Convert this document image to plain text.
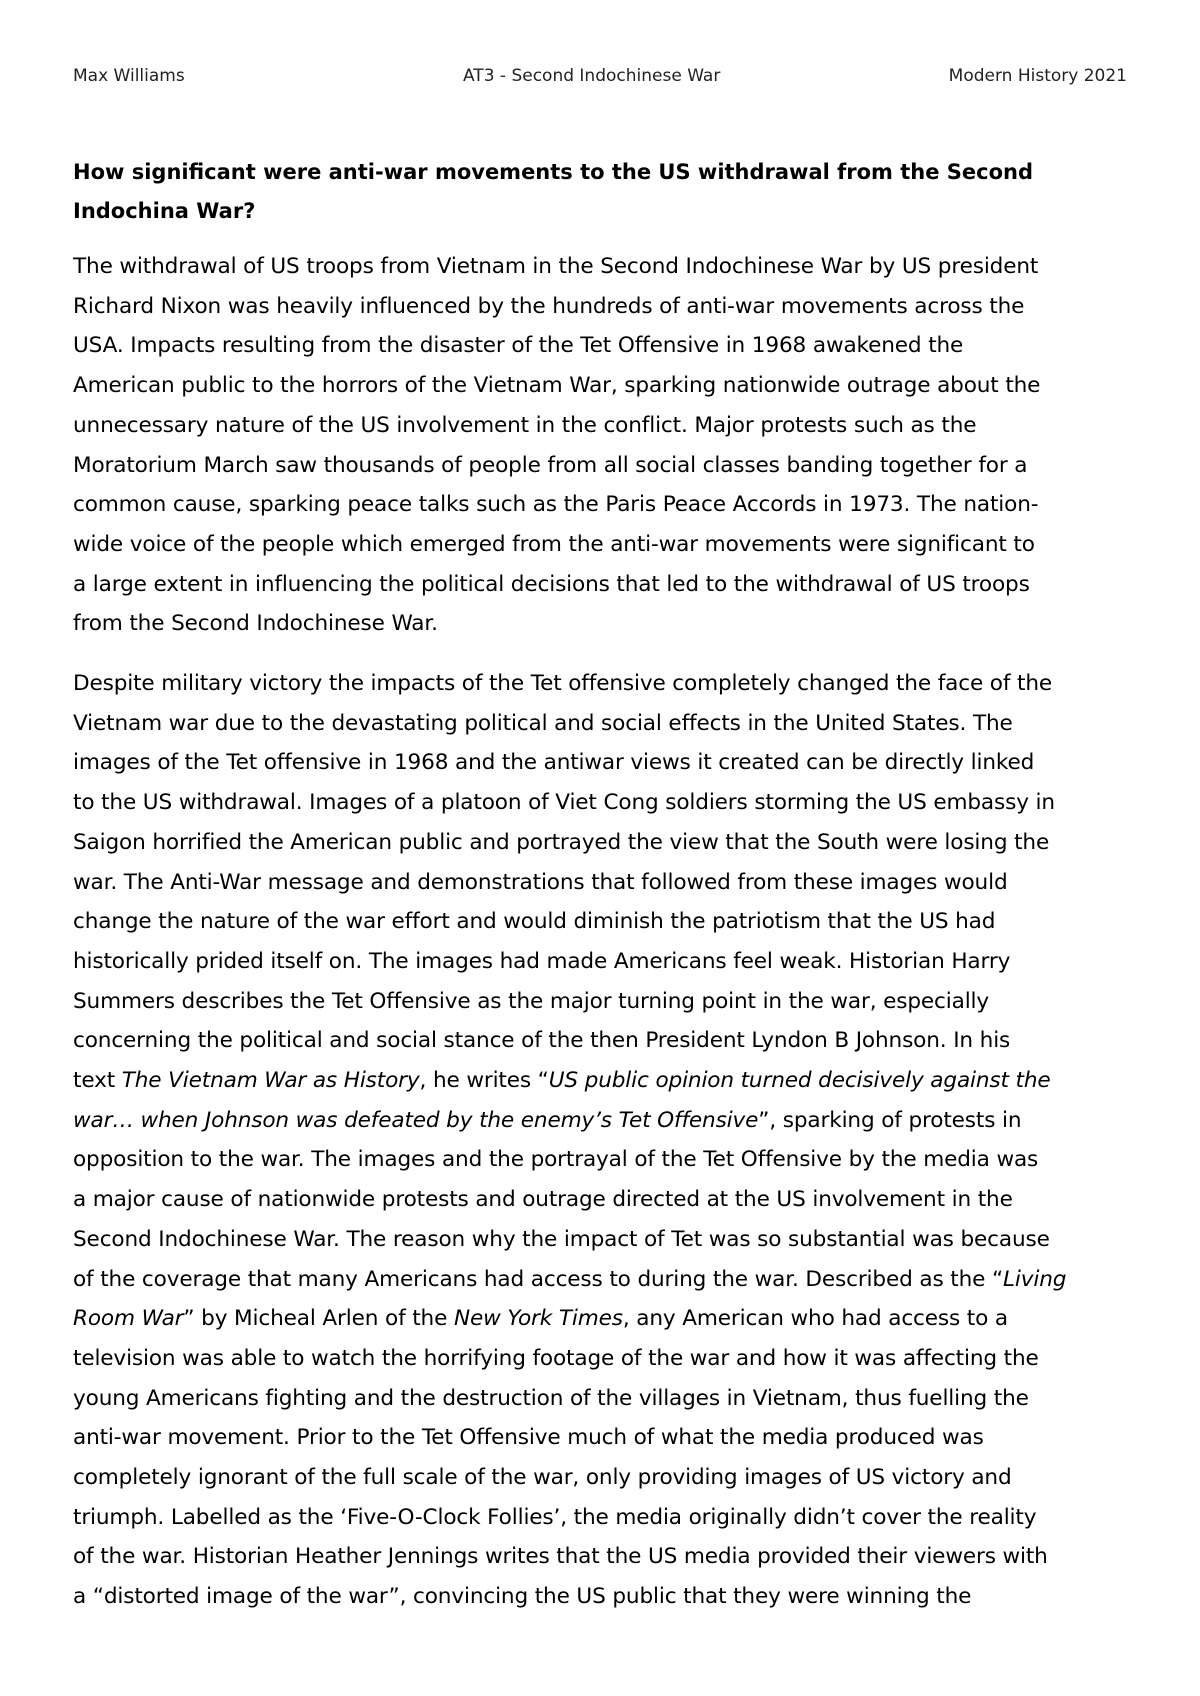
Max Williams	AT3 - Second Indochinese War	Modern History 2021
How significant were anti-war movements to the US withdrawal from the Second
Indochina War?
The withdrawal of US troops from Vietnam in the Second Indochinese War by US president
Richard Nixon was heavily influenced by the hundreds of anti-war movements across the
USA. Impacts resulting from the disaster of the Tet Offensive in 1968 awakened the
American public to the horrors of the Vietnam War, sparking nationwide outrage about the
unnecessary nature of the US involvement in the conflict. Major protests such as the
Moratorium March saw thousands of people from all social classes banding together for a
common cause, sparking peace talks such as the Paris Peace Accords in 1973. The nation-
wide voice of the people which emerged from the anti-war movements were significant to
a large extent in influencing the political decisions that led to the withdrawal of US troops
from the Second Indochinese War.
Despite military victory the impacts of the Tet offensive completely changed the face of the
Vietnam war due to the devastating political and social effects in the United States. The
images of the Tet offensive in 1968 and the antiwar views it created can be directly linked
to the US withdrawal. Images of a platoon of Viet Cong soldiers storming the US embassy in
Saigon horrified the American public and portrayed the view that the South were losing the
war. The Anti-War message and demonstrations that followed from these images would
change the nature of the war effort and would diminish the patriotism that the US had
historically prided itself on. The images had made Americans feel weak. Historian Harry
Summers describes the Tet Offensive as the major turning point in the war, especially
concerning the political and social stance of the then President Lyndon B Johnson. In his
text The Vietnam War as History, he writes “US public opinion turned decisively against the
war… when Johnson was defeated by the enemy’s Tet Offensive”, sparking of protests in
opposition to the war. The images and the portrayal of the Tet Offensive by the media was
a major cause of nationwide protests and outrage directed at the US involvement in the
Second Indochinese War. The reason why the impact of Tet was so substantial was because
of the coverage that many Americans had access to during the war. Described as the “Living
Room War” by Micheal Arlen of the New York Times, any American who had access to a
television was able to watch the horrifying footage of the war and how it was affecting the
young Americans fighting and the destruction of the villages in Vietnam, thus fuelling the
anti-war movement. Prior to the Tet Offensive much of what the media produced was
completely ignorant of the full scale of the war, only providing images of US victory and
triumph. Labelled as the ‘Five-O-Clock Follies’, the media originally didn’t cover the reality
of the war. Historian Heather Jennings writes that the US media provided their viewers with
a “distorted image of the war”, convincing the US public that they were winning the
